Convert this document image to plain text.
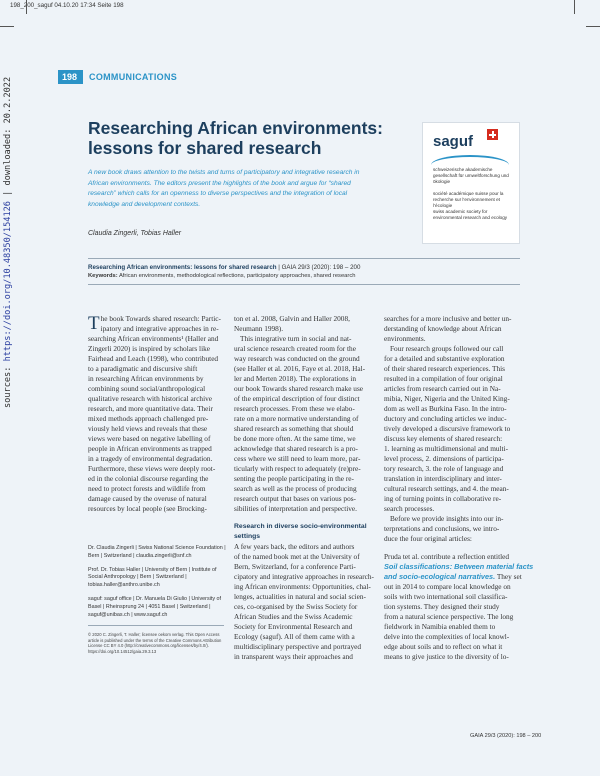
198_200_saguf 04.10.20 17:34 Seite 198
198	COMMUNICATIONS
Researching African environments: lessons for shared research
A new book draws attention to the twists and turns of participatory and integrative research in African environments. The editors present the highlights of the book and argue for “shared research” which calls for an openness to diverse perspectives and the integration of local knowledge and development contexts.
Claudia Zingerli, Tobias Haller
saguf
schweizerische akademische gesellschaft für umweltforschung und ökologie
société académique suisse pour la recherche sur l’environnement et l’écologie
swiss academic society for environmental research and ecology
Researching African environments: lessons for shared research | GAIA 29/3 (2020): 198 – 200
Keywords: African environments, methodological reflections, participatory approaches, shared research
T he book Towards shared research: Partic-
ipatory and integrative approaches in re-
searching African environments¹ (Haller and
Zingerli 2020) is inspired by scholars like
Fairhead and Leach (1998), who contributed
to a paradigmatic and discursive shift
in researching African environments by
combining sound social/anthropological
qualitative research with historical archive
research, and more quantitative data. Their
mixed methods approach challenged pre-
viously held views and reveals that these
views were based on negative labelling of
people in African environments as trapped
in a tragedy of environmental degradation.
Furthermore, these views were deeply root-
ed in the colonial discourse regarding the
need to protect forests and wildlife from
damage caused by the overuse of natural
resources by local people (see Brocking-
Dr. Claudia Zingerli | Swiss National Science Foundation | Bern | Switzerland | claudia.zingerli@snf.ch
Prof. Dr. Tobias Haller | University of Bern | Institute of Social Anthropology | Bern | Switzerland | tobias.haller@anthro.unibe.ch
saguf: saguf office | Dr. Manuela Di Giulio | University of Basel | Rheinsprung 24 | 4051 Basel | Switzerland | saguf@unibas.ch | www.saguf.ch
© 2020 C. Zingerli, T. Haller; licensee oekom verlag. This Open Access article is published under the terms of the Creative Commons Attribution License CC BY 4.0 (http://creativecommons.org/licenses/by/4.0/). https://doi.org/10.14512/gaia.29.3.13
ton et al. 2008, Galvin and Haller 2008,
Neumann 1998).
This integrative turn in social and nat-
ural science research created room for the
way research was conducted on the ground
(see Haller et al. 2016, Faye et al. 2018, Hal-
ler and Merten 2018). The explorations in
our book Towards shared research make use
of the empirical description of four distinct
research processes. From these we elabo-
rate on a more normative understanding of
shared research as something that should
be done more often. At the same time, we
acknowledge that shared research is a pro-
cess where we still need to learn more, par-
ticularly with respect to adequately (re)pre-
senting the people participating in the re-
search as well as the process of producing
research output that bases on various pos-
sibilities of interpretation and perspective.
Research in diverse socio-environmental
settings
A few years back, the editors and authors
of the named book met at the University of
Bern, Switzerland, for a conference Parti-
cipatory and integrative approaches in research-
ing African environments: Opportunities, chal-
lenges, actualities in natural and social scien-
ces, co-organised by the Swiss Society for
African Studies and the Swiss Academic
Society for Environmental Research and
Ecology (saguf). All of them came with a
multidisciplinary perspective and portrayed
in transparent ways their approaches and
searches for a more inclusive and better un-
derstanding of knowledge about African
environments.
Four research groups followed our call
for a detailed and substantive exploration
of their shared research experiences. This
resulted in a compilation of four original
articles from research carried out in Na-
mibia, Niger, Nigeria and the United King-
dom as well as Burkina Faso. In the intro-
ductory and concluding articles we induc-
tively developed a discursive framework to
discuss key elements of shared research:
1. learning as multidimensional and multi-
level process, 2. dimensions of participa-
tory research, 3. the role of language and
translation in interdisciplinary and inter-
cultural research settings, and 4. the mean-
ing of turning points in collaborative re-
search processes.
Before we provide insights into our in-
terpretations and conclusions, we intro-
duce the four original articles:
Pruda tet al. contribute a reflection entitled
Soil classifications: Between material facts
and socio-ecological narratives. They set
out in 2014 to compare local knowledge on
soils with two international soil classifica-
tion systems. They designed their study
from a natural science perspective. The long
fieldwork in Namibia enabled them to
delve into the complexities of local knowl-
edge about soils and to reflect on what it
means to give justice to the diversity of lo-
sources: https://doi.org/10.48350/154126 | downloaded: 20.2.2022
GAIA 29/3 (2020): 198 – 200
